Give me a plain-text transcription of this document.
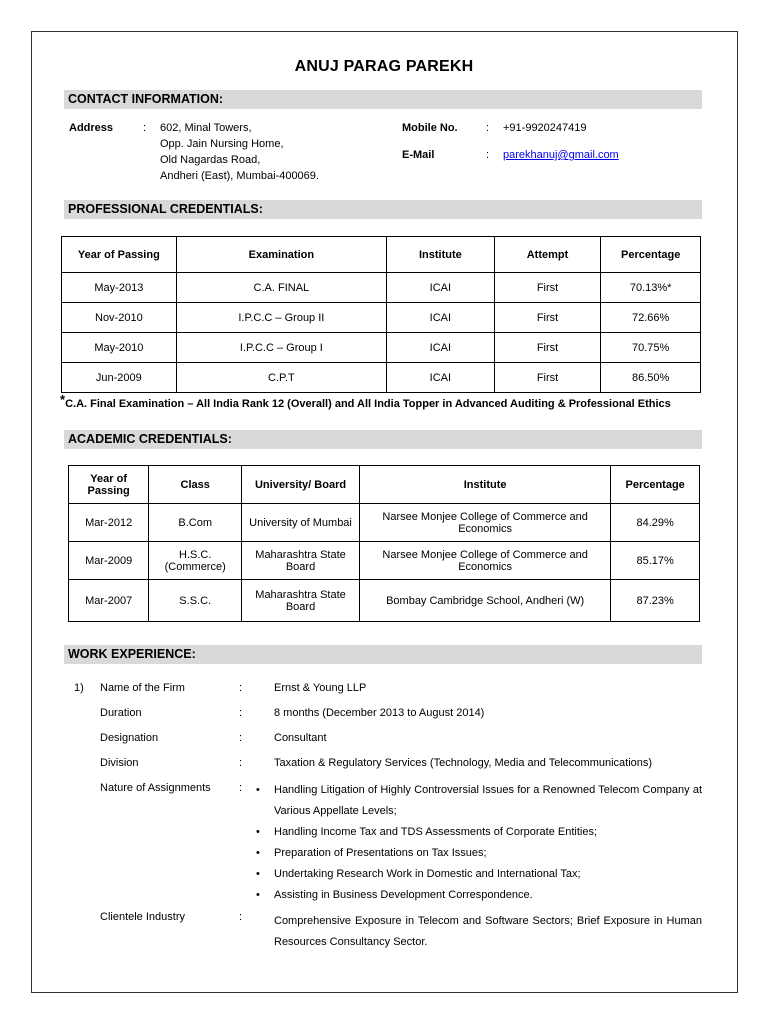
ANUJ PARAG PAREKH
CONTACT INFORMATION:
Address	: 602, Minal Towers,
Opp. Jain Nursing Home,
Old Nagardas Road,
Andheri (East), Mumbai-400069.
Mobile No.	: +91-9920247419
E-Mail	: parekhanuj@gmail.com
PROFESSIONAL CREDENTIALS:
Year of Passing	Examination	Institute	Attempt	Percentage
May-2013	C.A. FINAL	ICAI	First	70.13%*
Nov-2010	I.P.C.C – Group II	ICAI	First	72.66%
May-2010	I.P.C.C – Group I	ICAI	First	70.75%
Jun-2009	C.P.T	ICAI	First	86.50%
*C.A. Final Examination – All India Rank 12 (Overall) and All India Topper in Advanced Auditing & Professional Ethics
ACADEMIC CREDENTIALS:
Year of Passing	Class	University/ Board	Institute	Percentage
Mar-2012	B.Com	University of Mumbai	Narsee Monjee College of Commerce and Economics	84.29%
Mar-2009	H.S.C. (Commerce)	Maharashtra State Board	Narsee Monjee College of Commerce and Economics	85.17%
Mar-2007	S.S.C.	Maharashtra State Board	Bombay Cambridge School, Andheri (W)	87.23%
WORK EXPERIENCE:
1) Name of the Firm	:	Ernst & Young LLP
Duration	:	8 months (December 2013 to August 2014)
Designation	:	Consultant
Division	:	Taxation & Regulatory Services (Technology, Media and Telecommunications)
Nature of Assignments	:	• Handling Litigation of Highly Controversial Issues for a Renowned Telecom Company at Various Appellate Levels;
• Handling Income Tax and TDS Assessments of Corporate Entities;
• Preparation of Presentations on Tax Issues;
• Undertaking Research Work in Domestic and International Tax;
• Assisting in Business Development Correspondence.
Clientele Industry	:	Comprehensive Exposure in Telecom and Software Sectors; Brief Exposure in Human Resources Consultancy Sector.
